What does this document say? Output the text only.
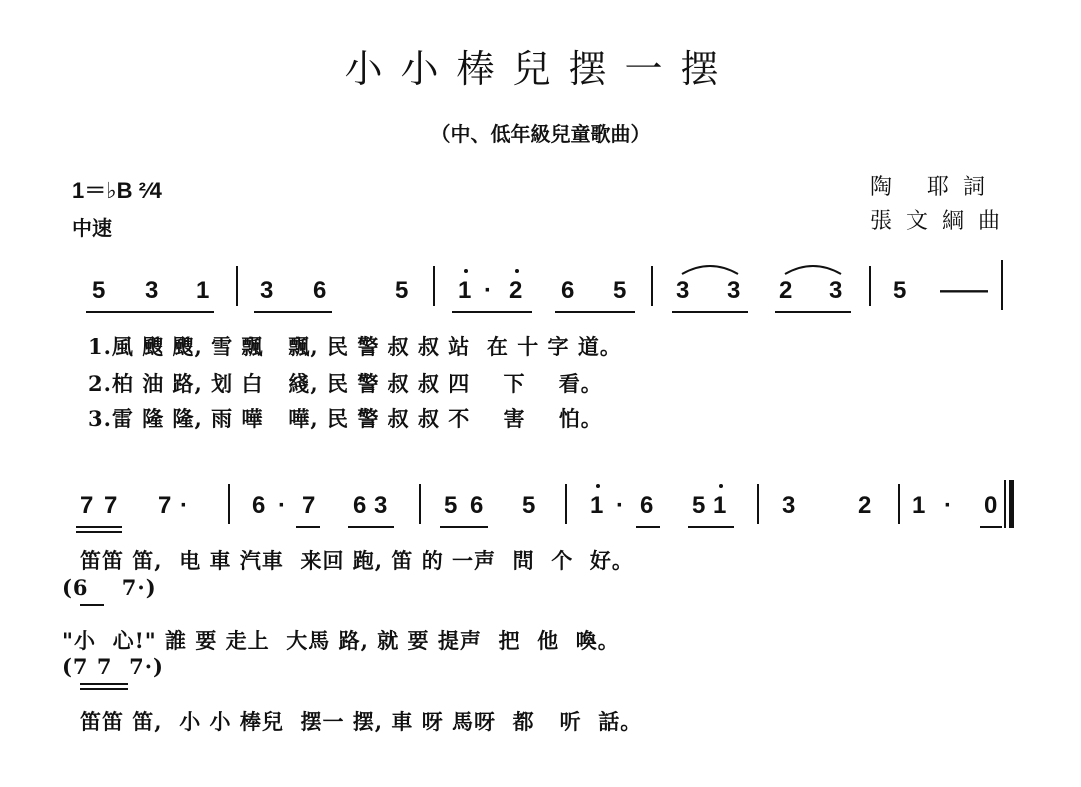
小小棒兒摆一摆
（中、低年級兒童歌曲）
1＝♭B ²⁄4
中速
陶 耶詞
張文綱曲
5 3 1 3 6	5 1 · 2 6 5 3 3 2 3 5 ——
1.風 颼 颼, 雪 飄   飄, 民 警 叔 叔 站  在 十 字 道。
2.柏 油 路, 划 白   綫, 民 警 叔 叔 四    下    看。
3.雷 隆 隆, 雨 嘩   嘩, 民 警 叔 叔 不    害    怕。
7 7 7 ·	6 · 7 6 3 5 6 5 1 · 6 5 1 3	2 1 · 0
笛笛 笛,  电 車 汽車  来回 跑, 笛 的 一声  問  个  好。
(6    7·)
"小  心!" 誰 要 走上  大馬 路, 就 要 提声  把  他  喚。
(7 7  7·)
笛笛 笛,  小 小 棒兒  摆一 摆, 車 呀 馬呀  都   听  話。
